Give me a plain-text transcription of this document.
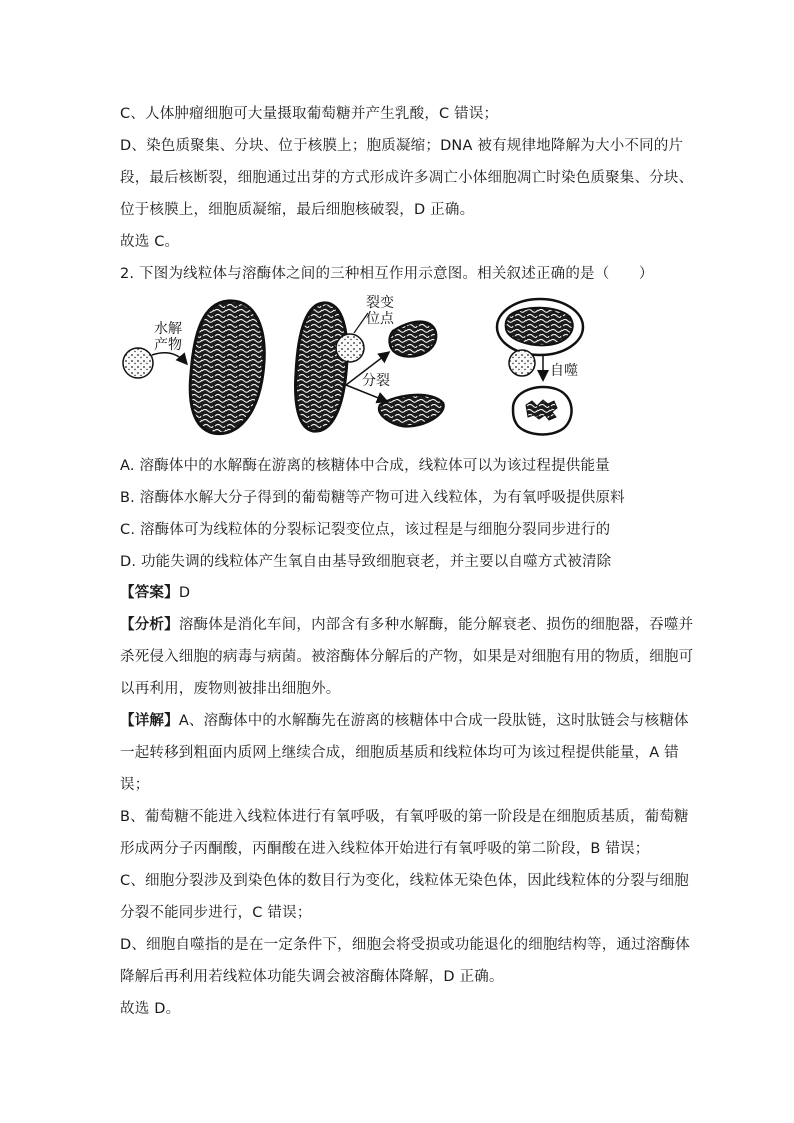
C、人体肿瘤细胞可大量摄取葡萄糖并产生乳酸，C 错误；
D、染色质聚集、分块、位于核膜上；胞质凝缩；DNA 被有规律地降解为大小不同的片
段，最后核断裂，细胞通过出芽的方式形成许多凋亡小体细胞凋亡时染色质聚集、分块、
位于核膜上，细胞质凝缩，最后细胞核破裂，D 正确。
故选 C。
2. 下图为线粒体与溶酶体之间的三种相互作用示意图。相关叙述正确的是（　　）
水解
产物
裂变
位点
分裂
自噬
A. 溶酶体中的水解酶在游离的核糖体中合成，线粒体可以为该过程提供能量
B. 溶酶体水解大分子得到的葡萄糖等产物可进入线粒体，为有氧呼吸提供原料
C. 溶酶体可为线粒体的分裂标记裂变位点，该过程是与细胞分裂同步进行的
D. 功能失调的线粒体产生氧自由基导致细胞衰老，并主要以自噬方式被清除
【答案】D
【分析】溶酶体是消化车间，内部含有多种水解酶，能分解衰老、损伤的细胞器，吞噬并
杀死侵入细胞的病毒与病菌。被溶酶体分解后的产物，如果是对细胞有用的物质，细胞可
以再利用，废物则被排出细胞外。
【详解】A、溶酶体中的水解酶先在游离的核糖体中合成一段肽链，这时肽链会与核糖体
一起转移到粗面内质网上继续合成，细胞质基质和线粒体均可为该过程提供能量，A 错
误；
B、葡萄糖不能进入线粒体进行有氧呼吸，有氧呼吸的第一阶段是在细胞质基质，葡萄糖
形成两分子丙酮酸，丙酮酸在进入线粒体开始进行有氧呼吸的第二阶段，B 错误；
C、细胞分裂涉及到染色体的数目行为变化，线粒体无染色体，因此线粒体的分裂与细胞
分裂不能同步进行，C 错误；
D、细胞自噬指的是在一定条件下，细胞会将受损或功能退化的细胞结构等，通过溶酶体
降解后再利用若线粒体功能失调会被溶酶体降解，D 正确。
故选 D。
